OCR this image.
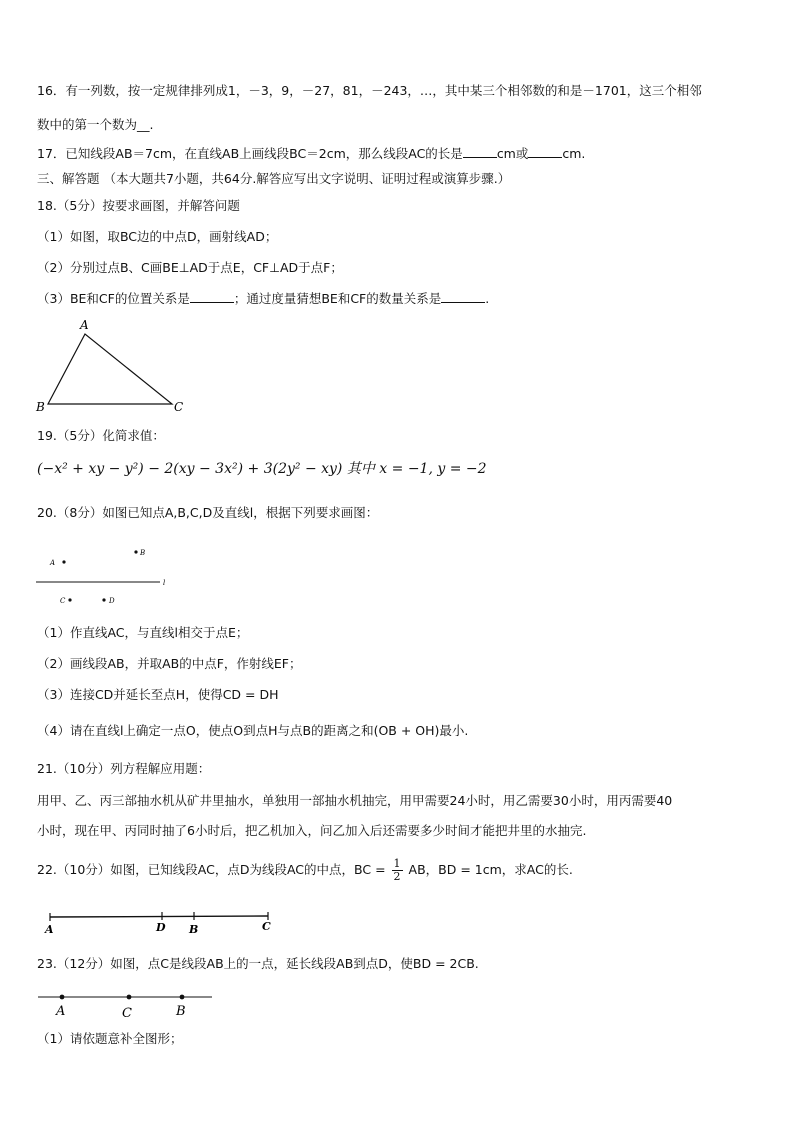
16．有一列数，按一定规律排列成1，－3，9，－27，81，－243，…，其中某三个相邻数的和是－1701，这三个相邻
数中的第一个数为__.
17．已知线段AB＝7cm，在直线AB上画线段BC＝2cm，那么线段AC的长是	cm或	cm.
三、解答题 （本大题共7小题，共64分.解答应写出文字说明、证明过程或演算步骤.）
18.（5分）按要求画图，并解答问题
（1）如图，取BC边的中点D，画射线AD；
（2）分别过点B、C画BE⊥AD于点E，CF⊥AD于点F；
（3）BE和CF的位置关系是	；通过度量猜想BE和CF的数量关系是	.
A
B	C
19.（5分）化简求值：
(−x² + xy − y²) − 2(xy − 3x²) + 3(2y² − xy) 其中 x = −1, y = −2
20.（8分）如图已知点A,B,C,D及直线l，根据下列要求画图：
A
B
l
C	D
（1）作直线AC，与直线l相交于点E；
（2）画线段AB，并取AB的中点F，作射线EF；
（3）连接CD并延长至点H，使得CD = DH
（4）请在直线l上确定一点O，使点O到点H与点B的距离之和(OB + OH)最小.
21.（10分）列方程解应用题：
用甲、乙、丙三部抽水机从矿井里抽水，单独用一部抽水机抽完，用甲需要24小时，用乙需要30小时，用丙需要40
小时，现在甲、丙同时抽了6小时后，把乙机加入，问乙加入后还需要多少时间才能把井里的水抽完.
22.（10分）如图，已知线段AC，点D为线段AC的中点，BC = $\frac{1}{2}$ AB，BD = 1cm，求AC的长.
A	D B	C
23.（12分）如图，点C是线段AB上的一点，延长线段AB到点D，使BD = 2CB.
A	C	B
（1）请依题意补全图形；
